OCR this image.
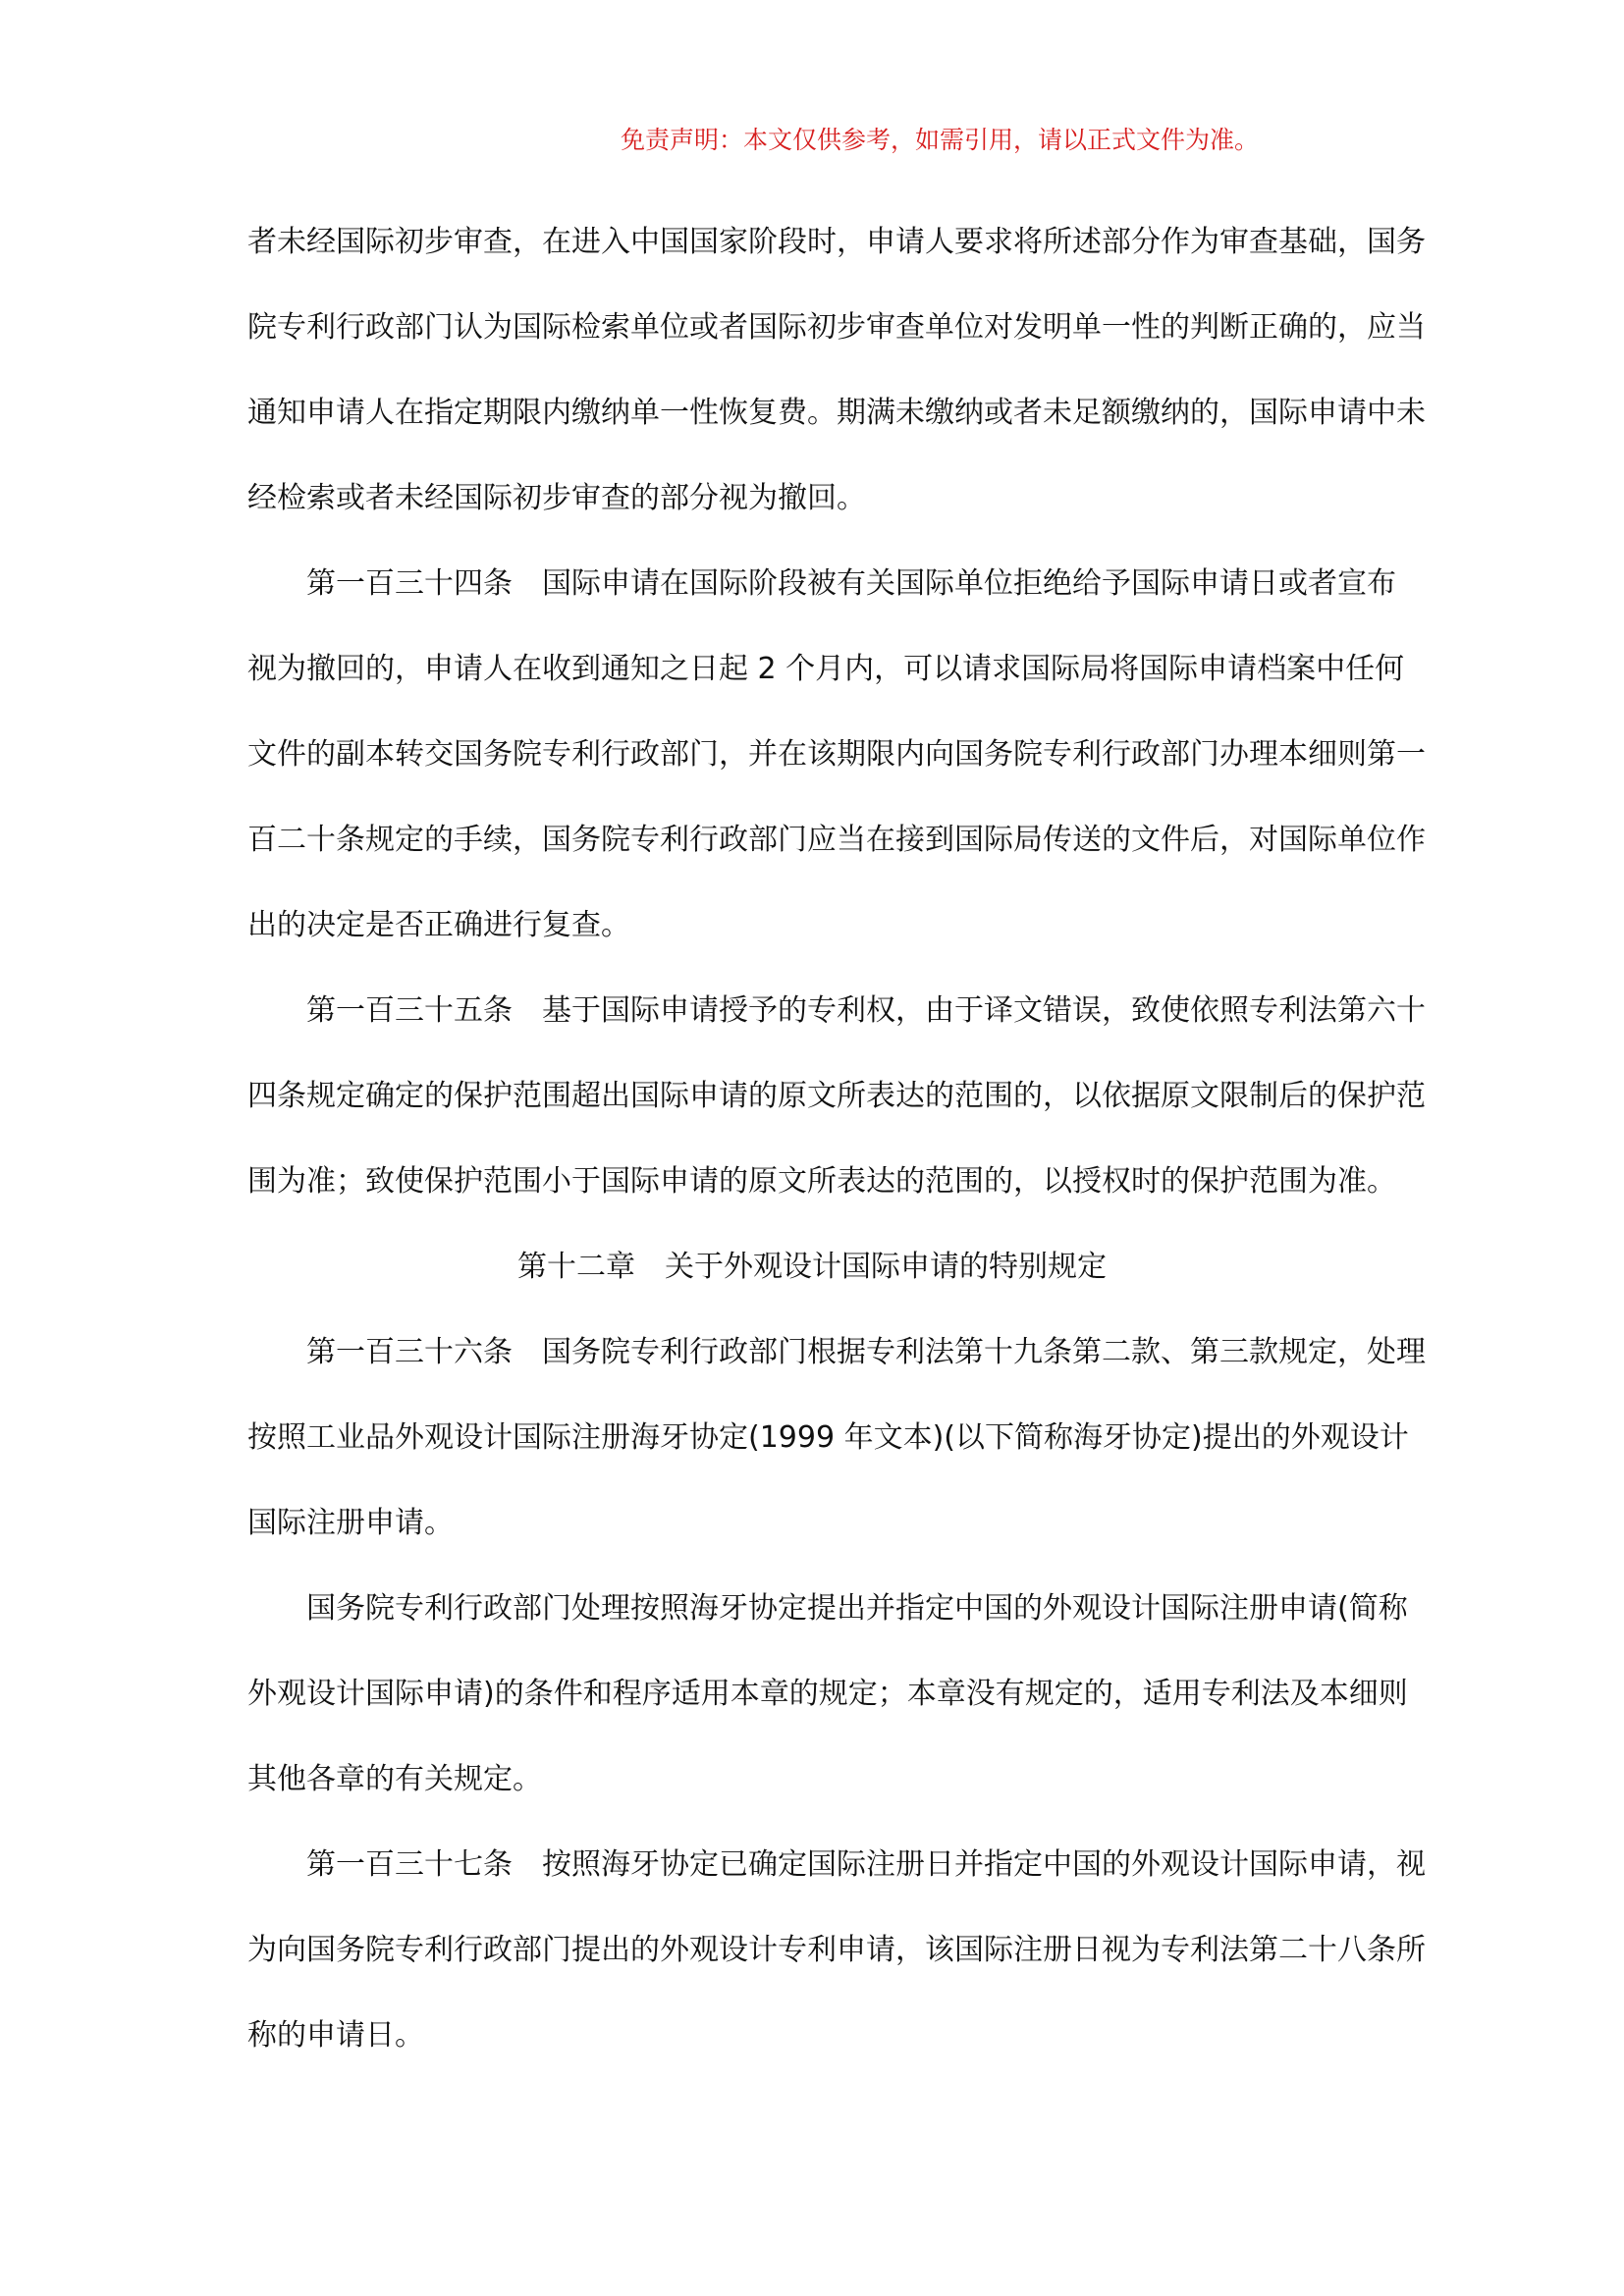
免责声明：本文仅供参考，如需引用，请以正式文件为准。
者未经国际初步审查，在进入中国国家阶段时，申请人要求将所述部分作为审查基础，国务
院专利行政部门认为国际检索单位或者国际初步审查单位对发明单一性的判断正确的，应当
通知申请人在指定期限内缴纳单一性恢复费。期满未缴纳或者未足额缴纳的，国际申请中未
经检索或者未经国际初步审查的部分视为撤回。
第一百三十四条　国际申请在国际阶段被有关国际单位拒绝给予国际申请日或者宣布
视为撤回的，申请人在收到通知之日起 2 个月内，可以请求国际局将国际申请档案中任何
文件的副本转交国务院专利行政部门，并在该期限内向国务院专利行政部门办理本细则第一
百二十条规定的手续，国务院专利行政部门应当在接到国际局传送的文件后，对国际单位作
出的决定是否正确进行复查。
第一百三十五条　基于国际申请授予的专利权，由于译文错误，致使依照专利法第六十
四条规定确定的保护范围超出国际申请的原文所表达的范围的，以依据原文限制后的保护范
围为准；致使保护范围小于国际申请的原文所表达的范围的，以授权时的保护范围为准。
第十二章　关于外观设计国际申请的特别规定
第一百三十六条　国务院专利行政部门根据专利法第十九条第二款、第三款规定，处理
按照工业品外观设计国际注册海牙协定(1999 年文本)(以下简称海牙协定)提出的外观设计
国际注册申请。
国务院专利行政部门处理按照海牙协定提出并指定中国的外观设计国际注册申请(简称
外观设计国际申请)的条件和程序适用本章的规定；本章没有规定的，适用专利法及本细则
其他各章的有关规定。
第一百三十七条　按照海牙协定已确定国际注册日并指定中国的外观设计国际申请，视
为向国务院专利行政部门提出的外观设计专利申请，该国际注册日视为专利法第二十八条所
称的申请日。
